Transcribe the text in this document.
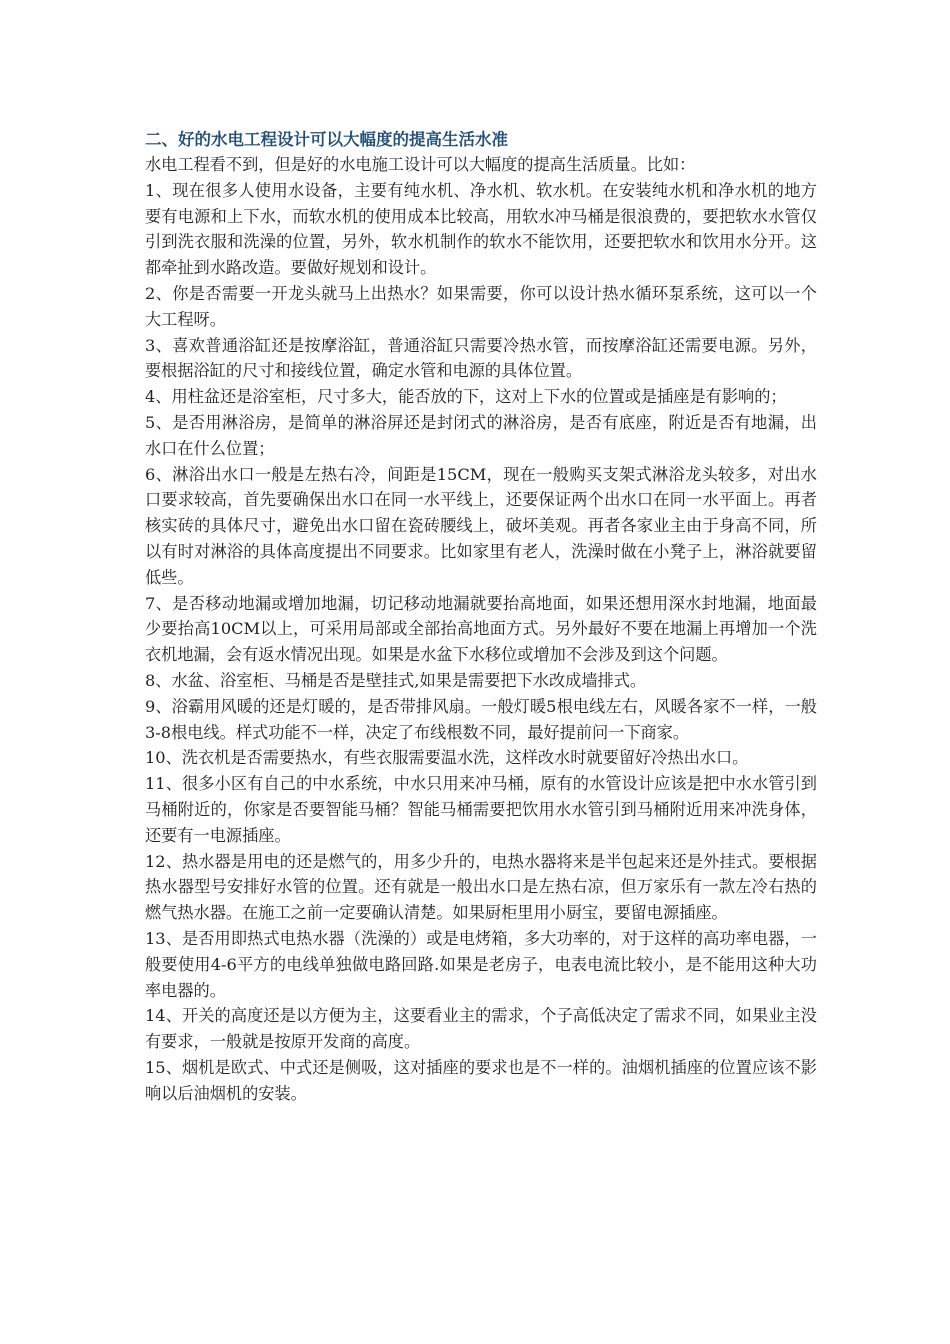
二、好的水电工程设计可以大幅度的提高生活水准

水电工程看不到，但是好的水电施工设计可以大幅度的提高生活质量。比如：

1、现在很多人使用水设备，主要有纯水机、净水机、软水机。在安装纯水机和净水机的地方要有电源和上下水，而软水机的使用成本比较高，用软水冲马桶是很浪费的，要把软水水管仅引到洗衣服和洗澡的位置，另外，软水机制作的软水不能饮用，还要把软水和饮用水分开。这都牵扯到水路改造。要做好规划和设计。

2、你是否需要一开龙头就马上出热水？如果需要，你可以设计热水循环泵系统，这可以一个大工程呀。

3、喜欢普通浴缸还是按摩浴缸，普通浴缸只需要冷热水管，而按摩浴缸还需要电源。另外，要根据浴缸的尺寸和接线位置，确定水管和电源的具体位置。

4、用柱盆还是浴室柜，尺寸多大，能否放的下，这对上下水的位置或是插座是有影响的；

5、是否用淋浴房，是简单的淋浴屏还是封闭式的淋浴房，是否有底座，附近是否有地漏，出水口在什么位置；

6、淋浴出水口一般是左热右冷，间距是15CM，现在一般购买支架式淋浴龙头较多，对出水口要求较高，首先要确保出水口在同一水平线上，还要保证两个出水口在同一水平面上。再者核实砖的具体尺寸，避免出水口留在瓷砖腰线上，破坏美观。再者各家业主由于身高不同，所以有时对淋浴的具体高度提出不同要求。比如家里有老人，洗澡时做在小凳子上，淋浴就要留低些。

7、是否移动地漏或增加地漏，切记移动地漏就要抬高地面，如果还想用深水封地漏，地面最少要抬高10CM以上，可采用局部或全部抬高地面方式。另外最好不要在地漏上再增加一个洗衣机地漏，会有返水情况出现。如果是水盆下水移位或增加不会涉及到这个问题。

8、水盆、浴室柜、马桶是否是壁挂式,如果是需要把下水改成墙排式。

9、浴霸用风暖的还是灯暖的，是否带排风扇。一般灯暖5根电线左右，风暖各家不一样，一般3-8根电线。样式功能不一样，决定了布线根数不同，最好提前问一下商家。

10、洗衣机是否需要热水，有些衣服需要温水洗，这样改水时就要留好冷热出水口。

11、很多小区有自己的中水系统，中水只用来冲马桶，原有的水管设计应该是把中水水管引到马桶附近的，你家是否要智能马桶？智能马桶需要把饮用水水管引到马桶附近用来冲洗身体，还要有一电源插座。

12、热水器是用电的还是燃气的，用多少升的，电热水器将来是半包起来还是外挂式。要根据热水器型号安排好水管的位置。还有就是一般出水口是左热右凉，但万家乐有一款左冷右热的燃气热水器。在施工之前一定要确认清楚。如果厨柜里用小厨宝，要留电源插座。

13、是否用即热式电热水器（洗澡的）或是电烤箱，多大功率的，对于这样的高功率电器，一般要使用4-6平方的电线单独做电路回路.如果是老房子，电表电流比较小，是不能用这种大功率电器的。

14、开关的高度还是以方便为主，这要看业主的需求，个子高低决定了需求不同，如果业主没有要求，一般就是按原开发商的高度。

15、烟机是欧式、中式还是侧吸，这对插座的要求也是不一样的。油烟机插座的位置应该不影响以后油烟机的安装。
